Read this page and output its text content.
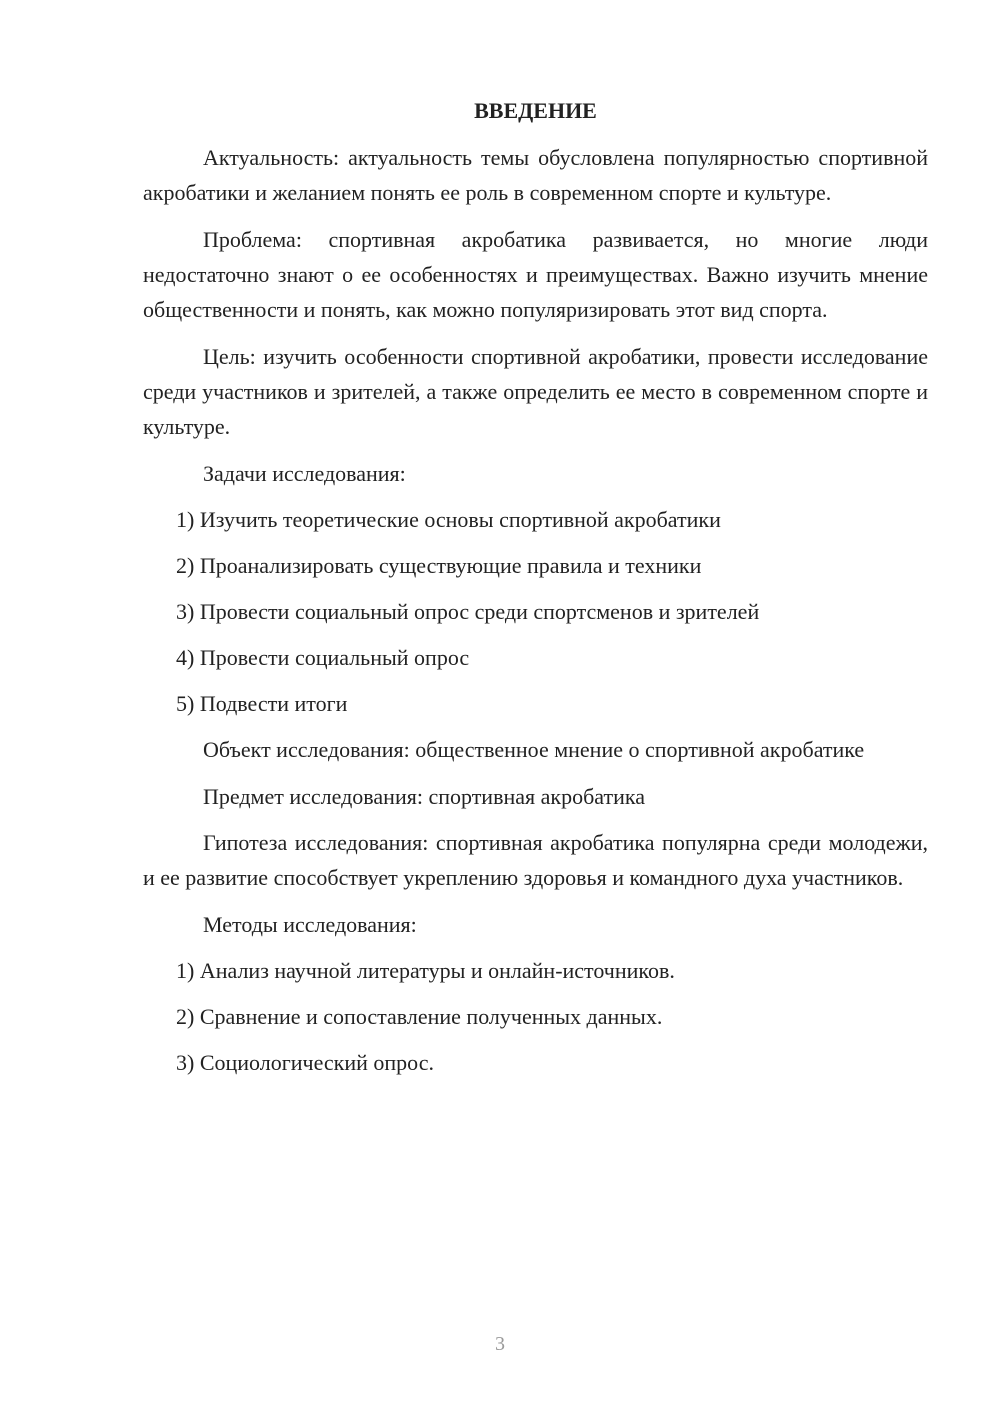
ВВЕДЕНИЕ

Актуальность: актуальность темы обусловлена популярностью спортивной акробатики и желанием понять ее роль в современном спорте и культуре.

Проблема: спортивная акробатика развивается, но многие люди недостаточно знают о ее особенностях и преимуществах. Важно изучить мнение общественности и понять, как можно популяризировать этот вид спорта.

Цель: изучить особенности спортивной акробатики, провести исследование среди участников и зрителей, а также определить ее место в современном спорте и культуре.

Задачи исследования:

1) Изучить теоретические основы спортивной акробатики
2) Проанализировать существующие правила и техники
3) Провести социальный опрос среди спортсменов и зрителей
4) Провести социальный опрос
5) Подвести итоги

Объект исследования: общественное мнение о спортивной акробатике

Предмет исследования: спортивная акробатика

Гипотеза исследования: спортивная акробатика популярна среди молодежи, и ее развитие способствует укреплению здоровья и командного духа участников.

Методы исследования:

1) Анализ научной литературы и онлайн-источников.
2) Сравнение и сопоставление полученных данных.
3) Социологический опрос.
3
